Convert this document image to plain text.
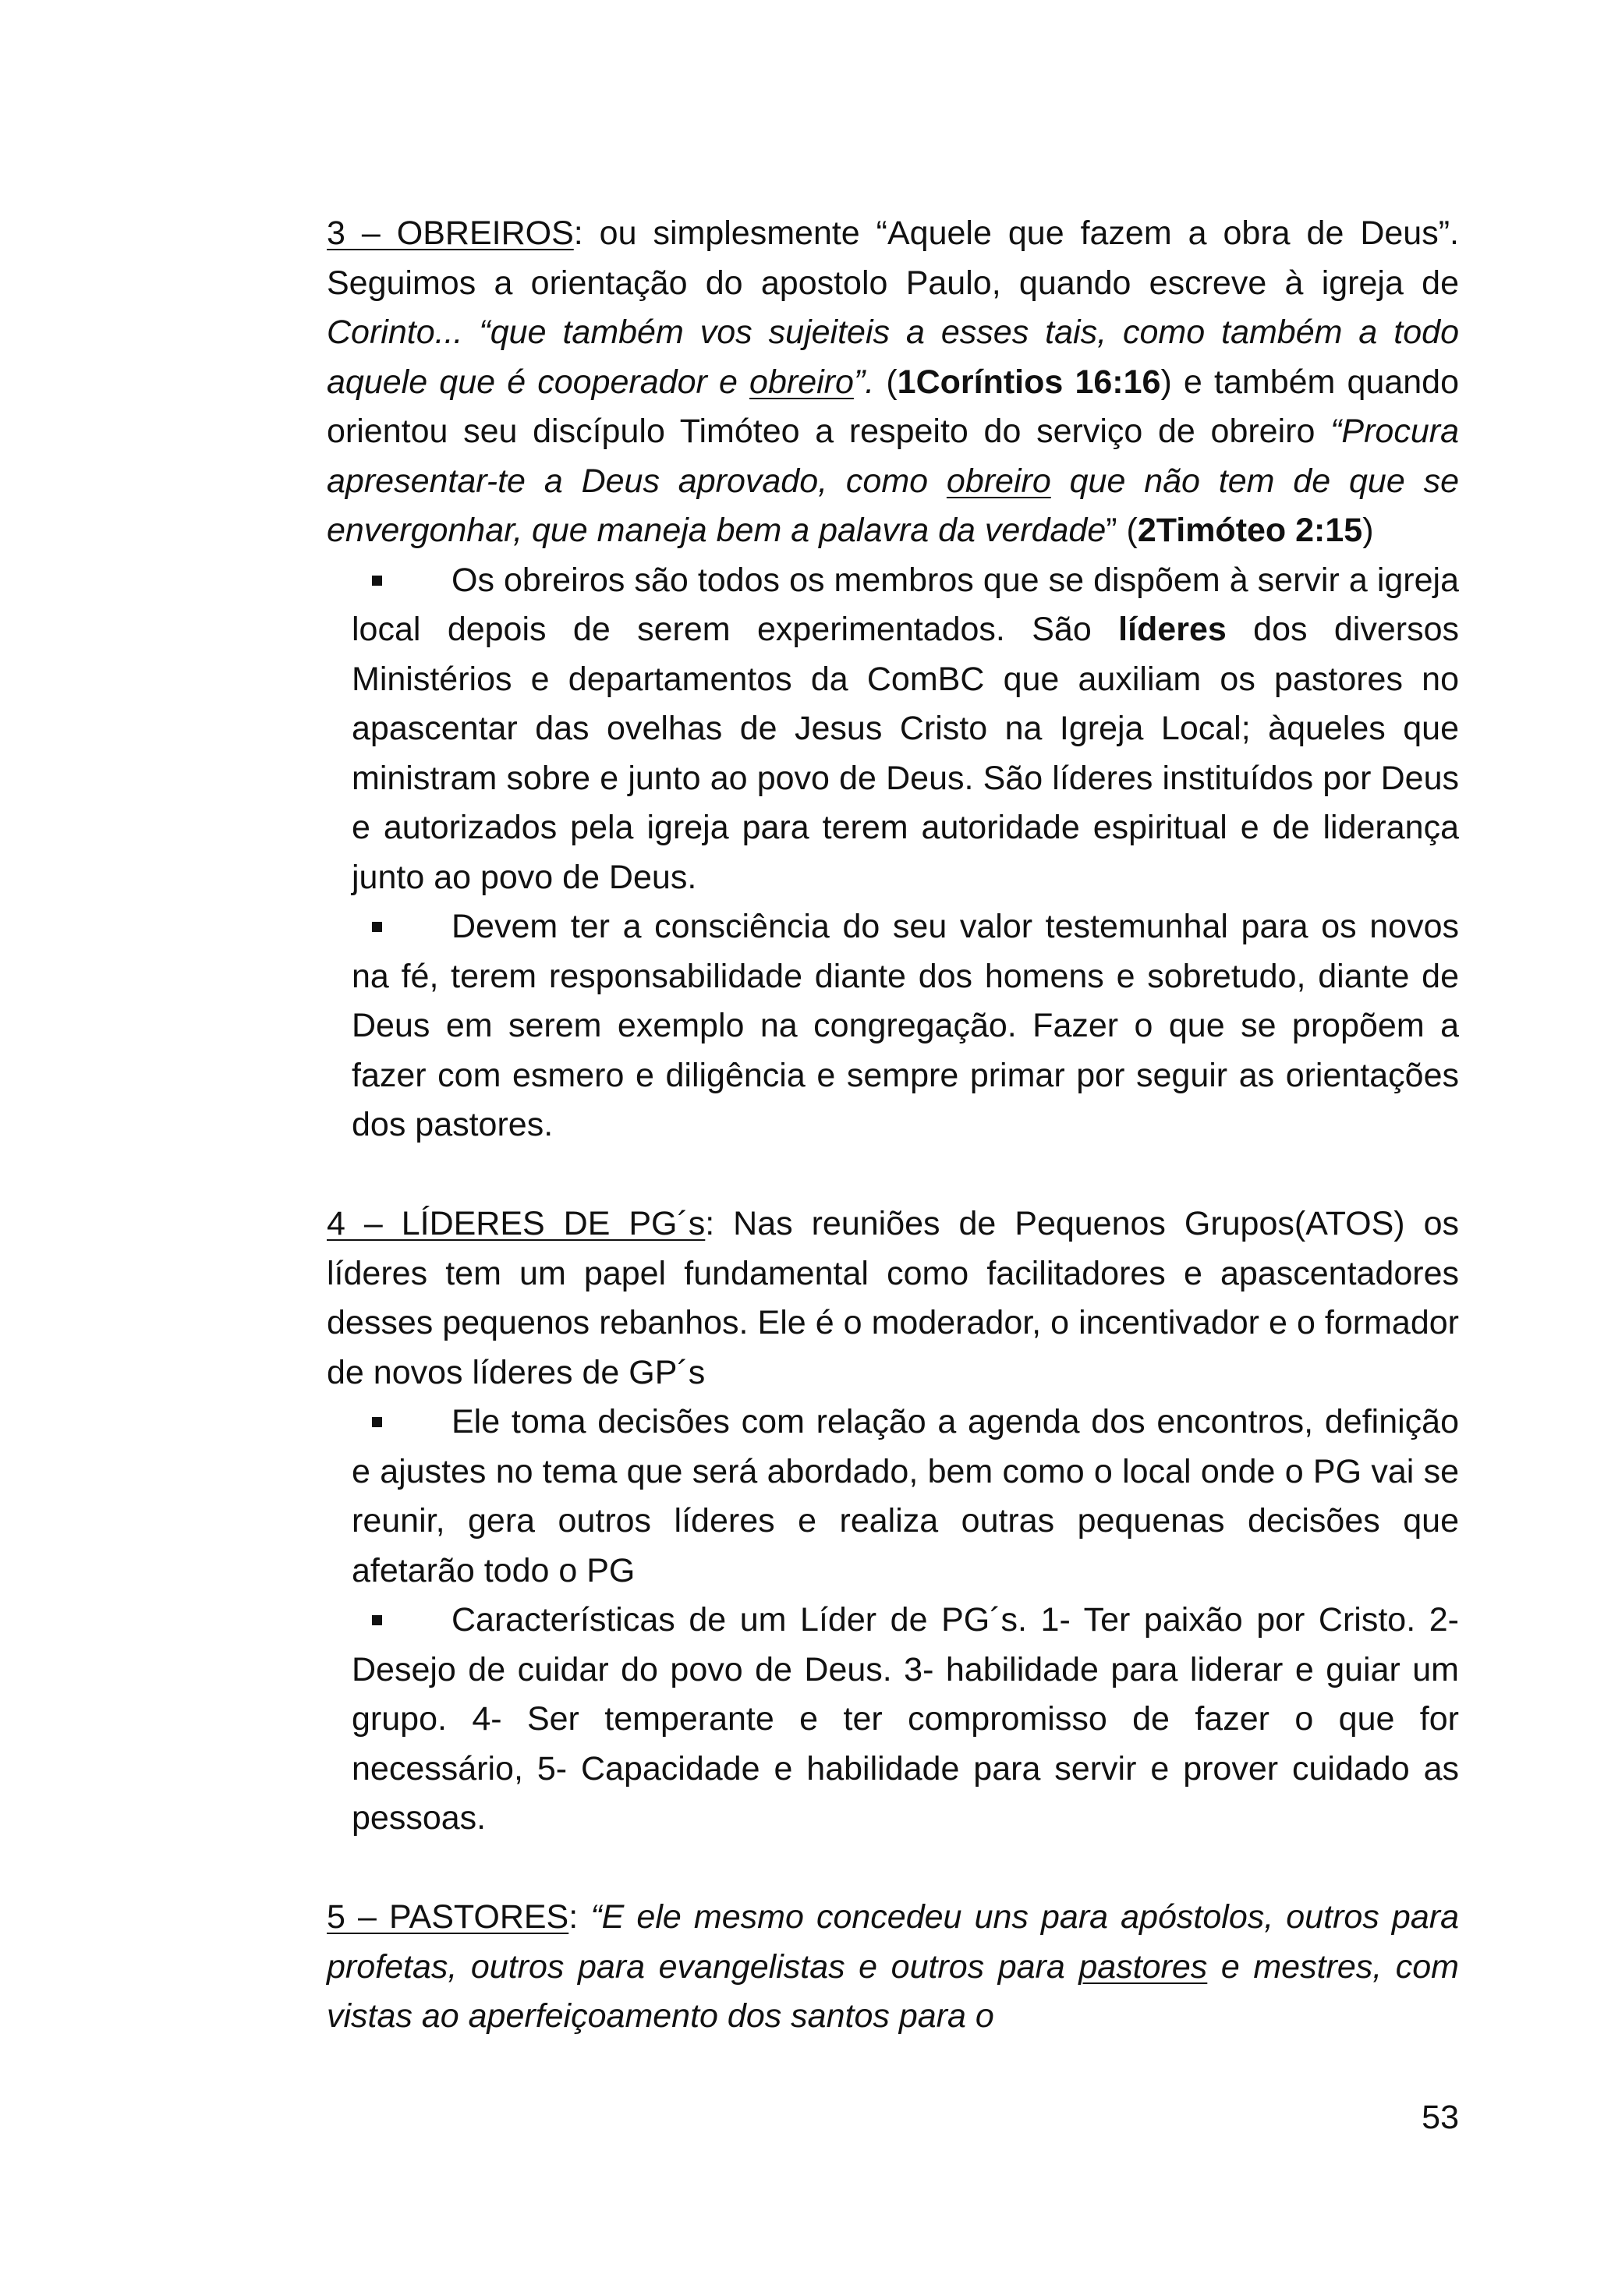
3 – OBREIROS: ou simplesmente “Aquele que fazem a obra de Deus”. Seguimos a orientação do apostolo Paulo, quando escreve à igreja de Corinto... “que também vos sujeiteis a esses tais, como também a todo aquele que é cooperador e obreiro”. (1Coríntios 16:16) e também quando orientou seu discípulo Timóteo a respeito do serviço de obreiro “Procura apresentar-te a Deus aprovado, como obreiro que não tem de que se envergonhar, que maneja bem a palavra da verdade” (2Timóteo 2:15)

Os obreiros são todos os membros que se dispõem à servir a igreja local depois de serem experimentados. São líderes dos diversos Ministérios e departamentos da ComBC que auxiliam os pastores no apascentar das ovelhas de Jesus Cristo na Igreja Local; àqueles que ministram sobre e junto ao povo de Deus. São líderes instituídos por Deus e autorizados pela igreja para terem autoridade espiritual e de liderança junto ao povo de Deus.
Devem ter a consciência do seu valor testemunhal para os novos na fé, terem responsabilidade diante dos homens e sobretudo, diante de Deus em serem exemplo na congregação. Fazer o que se propõem a fazer com esmero e diligência e sempre primar por seguir as orientações dos pastores.

4 – LÍDERES DE PG´s: Nas reuniões de Pequenos Grupos(ATOS) os líderes tem um papel fundamental como facilitadores e apascentadores desses pequenos rebanhos. Ele é o moderador, o incentivador e o formador de novos líderes de GP´s

Ele toma decisões com relação a agenda dos encontros, definição e ajustes no tema que será abordado, bem como o local onde o PG vai se reunir, gera outros líderes e realiza outras pequenas decisões que afetarão todo o PG
Características de um Líder de PG´s. 1- Ter paixão por Cristo. 2- Desejo de cuidar do povo de Deus. 3- habilidade para liderar e guiar um grupo. 4- Ser temperante e ter compromisso de fazer o que for necessário, 5- Capacidade e habilidade para servir e prover cuidado as pessoas.

5 – PASTORES: “E ele mesmo concedeu uns para apóstolos, outros para profetas, outros para evangelistas e outros para pastores e mestres, com vistas ao aperfeiçoamento dos santos para o

53
